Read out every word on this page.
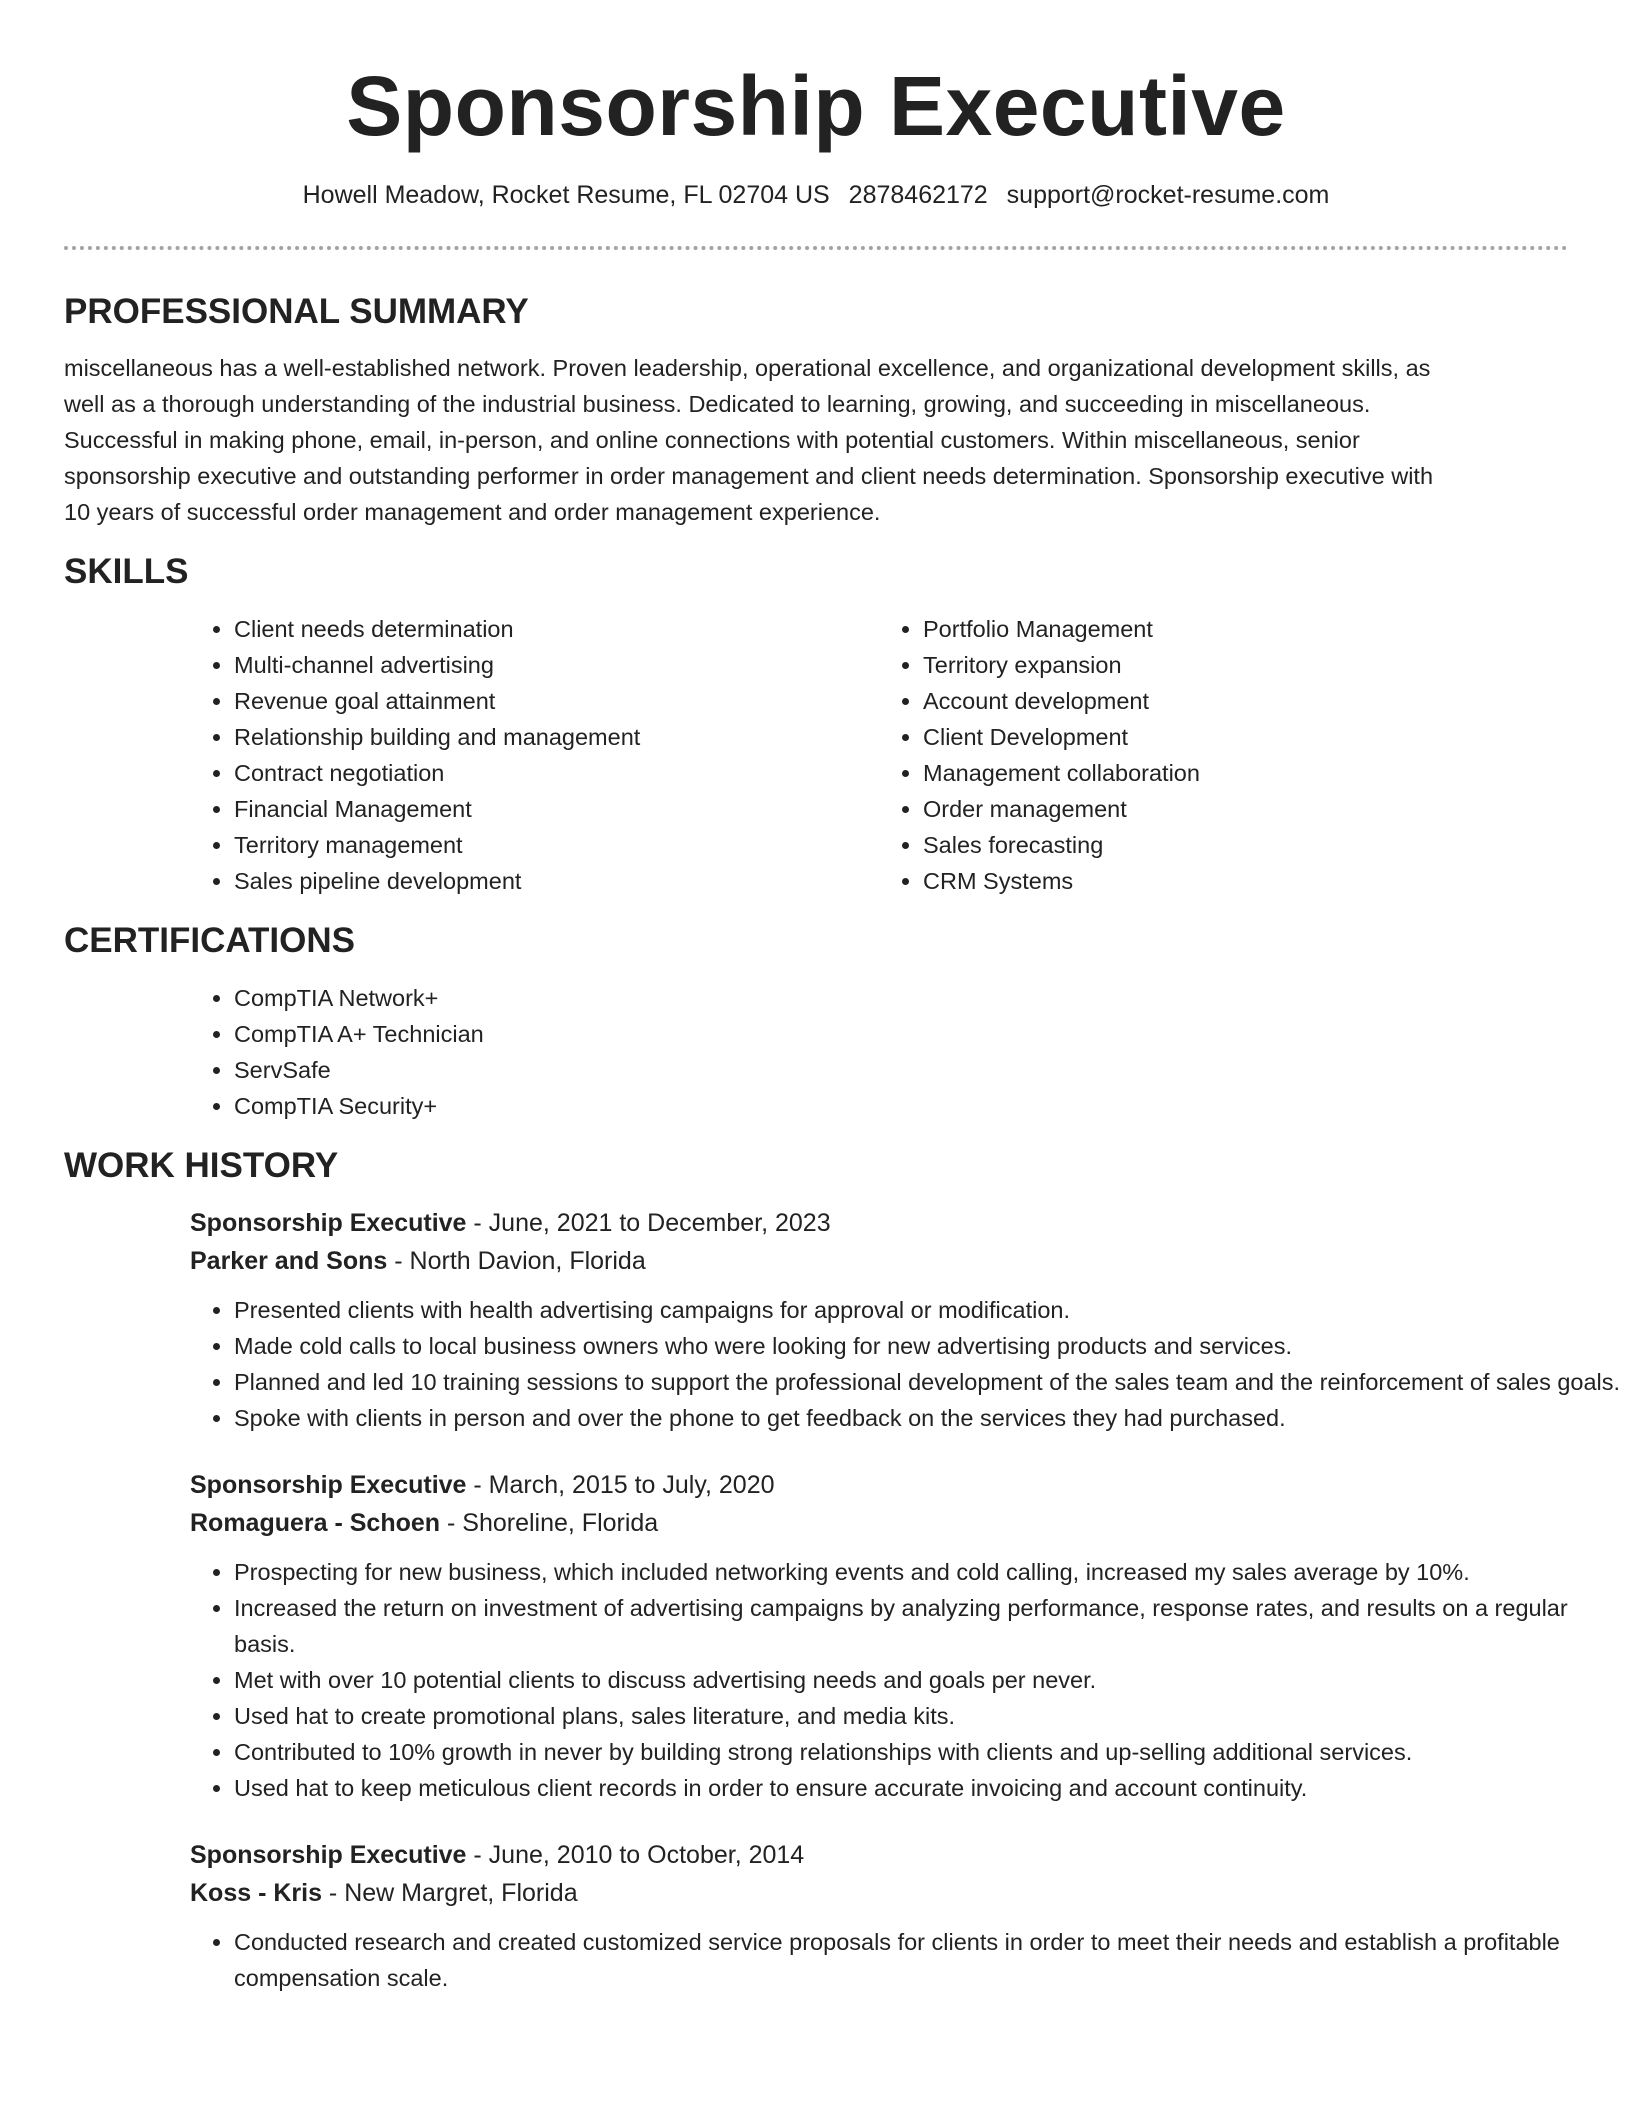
Sponsorship Executive
Howell Meadow, Rocket Resume, FL 02704 US 2878462172 support@rocket-resume.com
PROFESSIONAL SUMMARY

miscellaneous has a well-established network. Proven leadership, operational excellence, and organizational development skills, as well as a thorough understanding of the industrial business. Dedicated to learning, growing, and succeeding in miscellaneous. Successful in making phone, email, in-person, and online connections with potential customers. Within miscellaneous, senior sponsorship executive and outstanding performer in order management and client needs determination. Sponsorship executive with 10 years of successful order management and order management experience.

SKILLS
• Client needs determination
• Multi-channel advertising
• Revenue goal attainment
• Relationship building and management
• Contract negotiation
• Financial Management
• Territory management
• Sales pipeline development
• Portfolio Management
• Territory expansion
• Account development
• Client Development
• Management collaboration
• Order management
• Sales forecasting
• CRM Systems
CERTIFICATIONS
• CompTIA Network+
• CompTIA A+ Technician
• ServSafe
• CompTIA Security+
WORK HISTORY

Sponsorship Executive - June, 2021 to December, 2023

Parker and Sons - North Davion, Florida

• Presented clients with health advertising campaigns for approval or modification.
• Made cold calls to local business owners who were looking for new advertising products and services.
• Planned and led 10 training sessions to support the professional development of the sales team and the reinforcement of sales goals.
• Spoke with clients in person and over the phone to get feedback on the services they had purchased.

Sponsorship Executive - March, 2015 to July, 2020

Romaguera - Schoen - Shoreline, Florida

• Prospecting for new business, which included networking events and cold calling, increased my sales average by 10%.
• Increased the return on investment of advertising campaigns by analyzing performance, response rates, and results on a regular basis.
• Met with over 10 potential clients to discuss advertising needs and goals per never.
• Used hat to create promotional plans, sales literature, and media kits.
• Contributed to 10% growth in never by building strong relationships with clients and up-selling additional services.
• Used hat to keep meticulous client records in order to ensure accurate invoicing and account continuity.

Sponsorship Executive - June, 2010 to October, 2014

Koss - Kris - New Margret, Florida

• Conducted research and created customized service proposals for clients in order to meet their needs and establish a profitable compensation scale.
